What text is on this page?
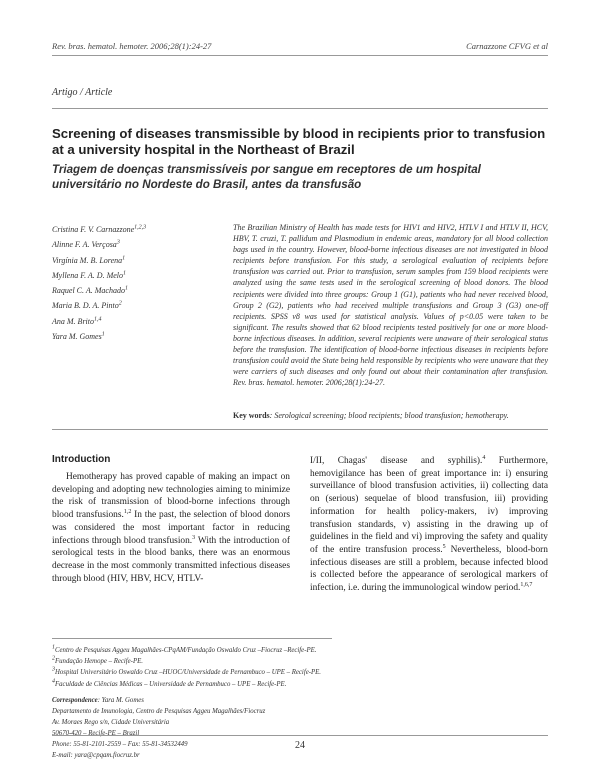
Rev. bras. hematol. hemoter. 2006;28(1):24-27	Carnazzone CFVG et al
Artigo / Article
Screening of diseases transmissible by blood in recipients prior to transfusion at a university hospital in the Northeast of Brazil
Triagem de doenças transmissíveis por sangue em receptores de um hospital universitário no Nordeste do Brasil, antes da transfusão
Cristina F. V. Carnazzone$^{1,2,3}$
Alinne F. A. Verçosa$^3$
Virgínia M. B. Lorena$^1$
Myllena F. A. D. Melo$^1$
Raquel C. A. Machado$^1$
Maria B. D. A. Pinto$^2$
Ana M. Brito$^{1,4}$
Yara M. Gomes$^1$
The Brazilian Ministry of Health has made tests for HIV1 and HIV2, HTLV I and HTLV II, HCV, HBV, T. cruzi, T. pallidum and Plasmodium in endemic areas, mandatory for all blood collection bags used in the country. However, blood-borne infectious diseases are not investigated in blood recipients before transfusion. For this study, a serological evaluation of recipients before transfusion was carried out. Prior to transfusion, serum samples from 159 blood recipients were analyzed using the same tests used in the serological screening of blood donors. The blood recipients were divided into three groups: Group 1 (G1), patients who had never received blood, Group 2 (G2), patients who had received multiple transfusions and Group 3 (G3) one-off recipients. SPSS v8 was used for statistical analysis. Values of p<0.05 were taken to be significant. The results showed that 62 blood recipients tested positively for one or more blood-borne infectious diseases. In addition, several recipients were unaware of their serological status before the transfusion. The identification of blood-borne infectious diseases in recipients before transfusion could avoid the State being held responsible by recipients who were unaware that they were carriers of such diseases and only found out about their contamination after transfusion. Rev. bras. hematol. hemoter. 2006;28(1):24-27.
Key words: Serological screening; blood recipients; blood transfusion; hemotherapy.
Introduction
Hemotherapy has proved capable of making an impact on developing and adopting new technologies aiming to minimize the risk of transmission of blood-borne infections through blood transfusions.$^{1,2}$ In the past, the selection of blood donors was considered the most important factor in reducing infections through blood transfusion.$^3$ With the introduction of serological tests in the blood banks, there was an enormous decrease in the most commonly transmitted infectious diseases through blood (HIV, HBV, HCV, HTLV-
I/II, Chagas' disease and syphilis).$^4$ Furthermore, hemovigilance has been of great importance in: i) ensuring surveillance of blood transfusion activities, ii) collecting data on (serious) sequelae of blood transfusion, iii) providing information for health policy-makers, iv) improving transfusion standards, v) assisting in the drawing up of guidelines in the field and vi) improving the safety and quality of the entire transfusion process.$^5$ Nevertheless, blood-born infectious diseases are still a problem, because infected blood is collected before the appearance of serological markers of infection, i.e. during the immunological window period.$^{1,6,7}$
$^1$Centro de Pesquisas Aggeu Magalhães-CPqAM/Fundação Oswaldo Cruz –Fiocruz –Recife-PE.
$^2$Fundação Hemope – Recife-PE.
$^3$Hospital Universitário Oswaldo Cruz –HUOC/Universidade de Pernambuco – UPE – Recife-PE.
$^4$Faculdade de Ciências Médicas – Universidade de Pernambuco – UPE – Recife-PE.
Correspondence: Yara M. Gomes
Departamento de Imunologia, Centro de Pesquisas Aggeu Magalhães/Fiocruz
Av. Moraes Rego s/n, Cidade Universitária
50670-420 – Recife-PE – Brazil
Phone: 55-81-2101-2559 – Fax: 55-81-34532449
E-mail: yara@cpqam.fiocruz.br
24
